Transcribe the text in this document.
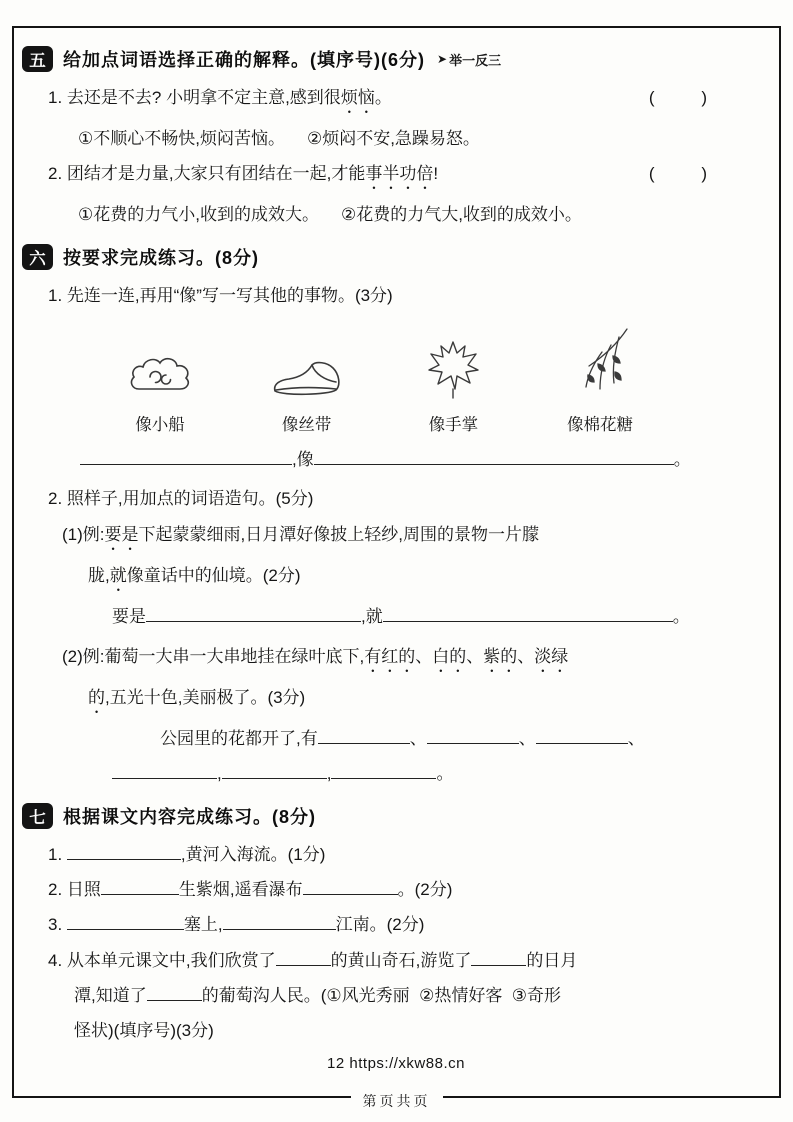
五 给加点词语选择正确的解释。(填序号)(6分) ➤ 举一反三
1. 去还是不去? 小明拿不定主意,感到很 烦恼 。	(        )
①不顺心不畅快,烦闷苦恼。 ②烦闷不安,急躁易怒。
2. 团结才是力量,大家只有团结在一起,才能 事半功倍 !	(        )
①花费的力气小,收到的成效大。 ②花费的力气大,收到的成效小。
六 按要求完成练习。(8分)
1. 先连一连,再用“像”写一写其他的事物。(3分)
像小船	像丝带	像手掌	像棉花糖
,像	。
2. 照样子,用加点的词语造句。(5分)
(1)例:要是下起蒙蒙细雨,日月潭好像披上轻纱,周围的景物一片朦
胧,就像童话中的仙境。(2分)
要是	,就	。
(2)例:葡萄一大串一大串地挂在绿叶底下,有红的、白的、紫的、淡绿
的,五光十色,美丽极了。(3分)
公园里的花都开了,有	、	、	、
,	,	。
七 根据课文内容完成练习。(8分)
1.	,黄河入海流。(1分)
2. 日照	生紫烟,遥看瀑布	。(2分)
3.	塞上,	江南。(2分)
4. 从本单元课文中,我们欣赏了	的黄山奇石,游览了	的日月
潭,知道了	的葡萄沟人民。(①风光秀丽  ②热情好客  ③奇形
怪状)(填序号)(3分)
12 https://xkw88.cn
第页共页
